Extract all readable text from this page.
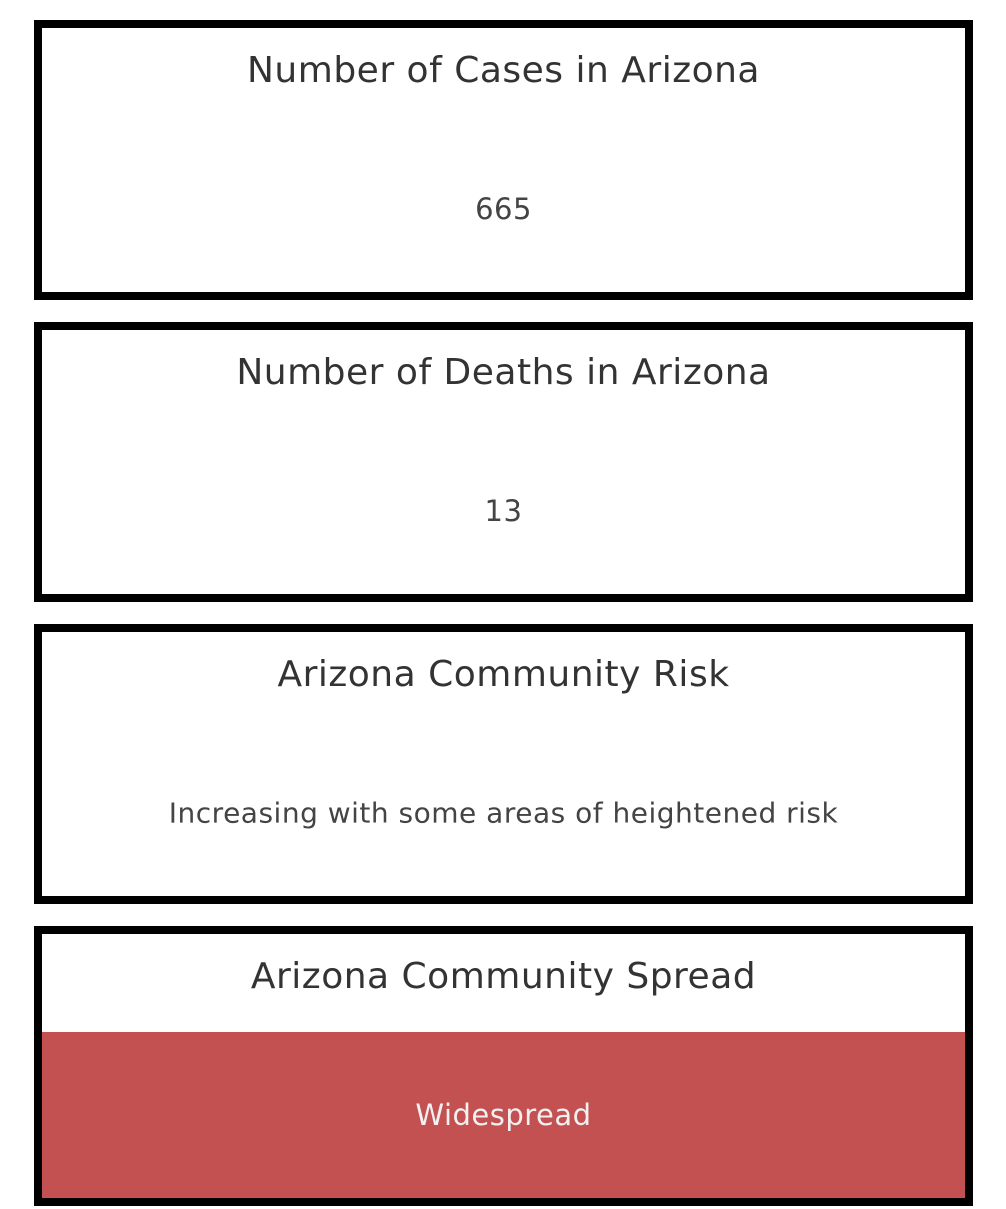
Number of Cases in Arizona
665
Number of Deaths in Arizona
13
Arizona Community Risk
Increasing with some areas of heightened risk
Arizona Community Spread
Widespread
